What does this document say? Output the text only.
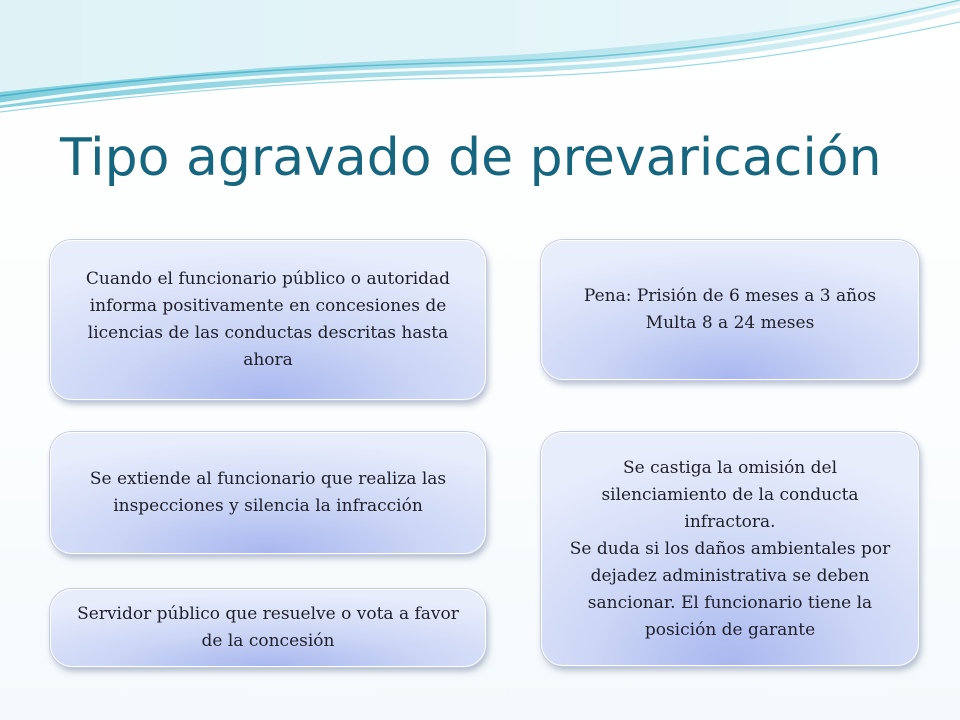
Tipo agravado de prevaricación
Cuando el funcionario público o autoridad informa positivamente en concesiones de licencias de las conductas descritas hasta ahora
Pena: Prisión de 6 meses a 3 años
Multa 8 a 24 meses
Se extiende al funcionario que realiza las inspecciones y silencia la infracción
Se castiga la omisión del silenciamiento de la conducta infractora.
Se duda si los daños ambientales por dejadez administrativa se deben sancionar. El funcionario tiene la posición de garante
Servidor público que resuelve o vota a favor de la concesión
